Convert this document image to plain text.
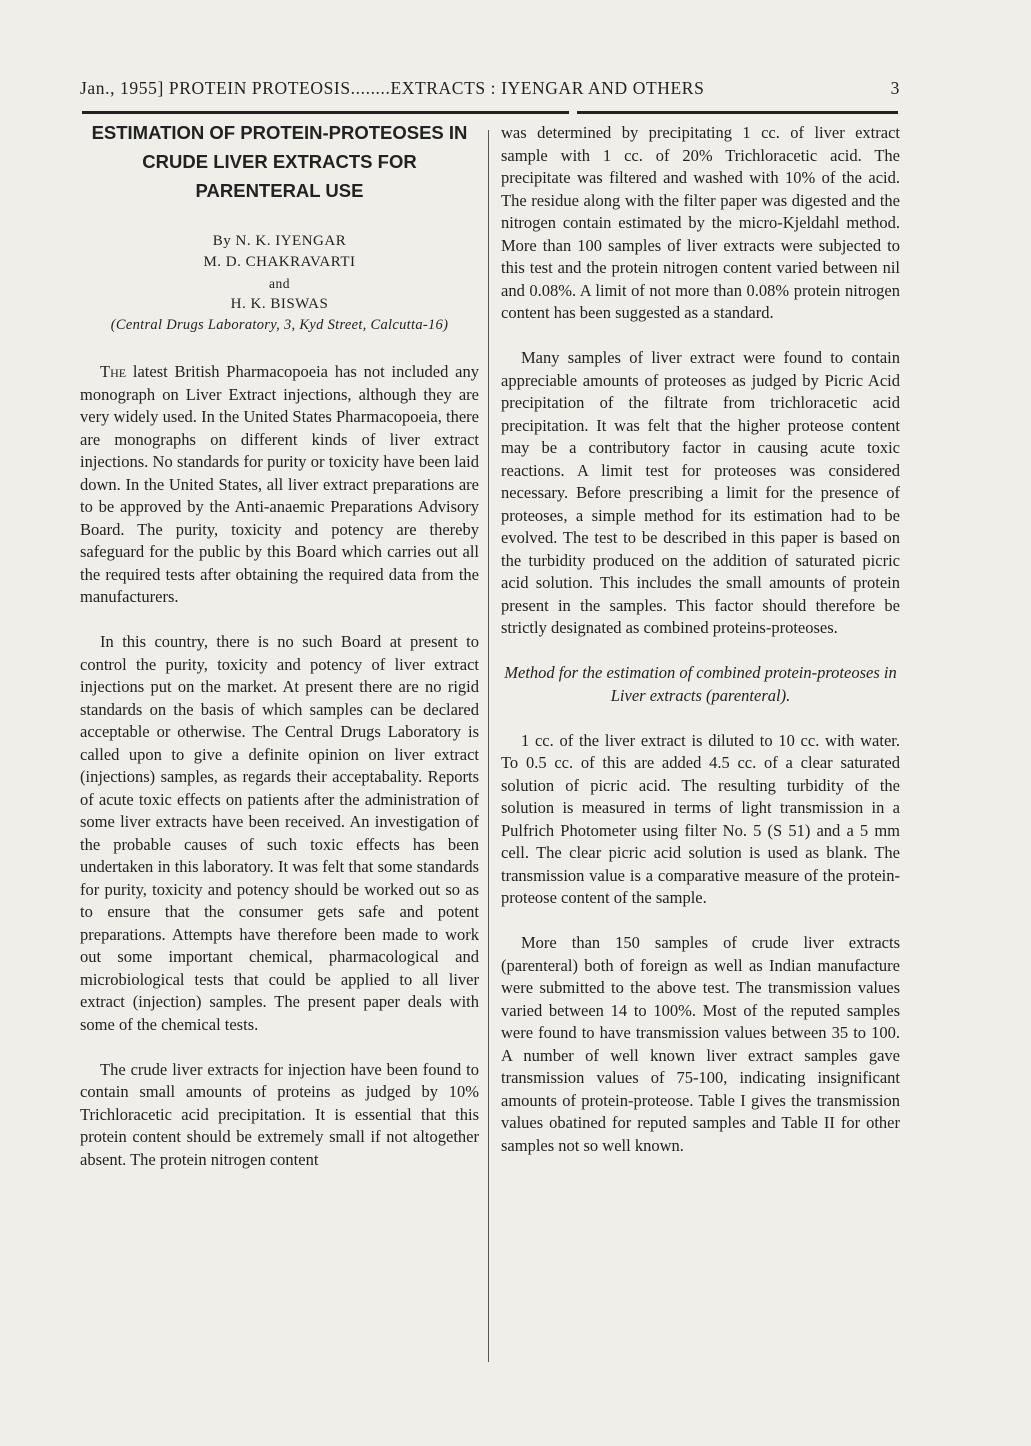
Jan., 1955] PROTEIN PROTEOSIS........EXTRACTS : IYENGAR AND OTHERS	3
ESTIMATION OF PROTEIN-PROTEOSES IN CRUDE LIVER EXTRACTS FOR PARENTERAL USE
By N. K. IYENGAR
M. D. CHAKRAVARTI
and
H. K. BISWAS
(Central Drugs Laboratory, 3, Kyd Street, Calcutta-16)

The latest British Pharmacopoeia has not included any monograph on Liver Extract injections, although they are very widely used. In the United States Pharmacopoeia, there are monographs on different kinds of liver extract injections. No standards for purity or toxicity have been laid down. In the United States, all liver extract preparations are to be approved by the Anti-anaemic Preparations Advisory Board. The purity, toxicity and potency are thereby safeguard for the public by this Board which carries out all the required tests after obtaining the required data from the manufacturers.

In this country, there is no such Board at present to control the purity, toxicity and potency of liver extract injections put on the market. At present there are no rigid standards on the basis of which samples can be declared acceptable or otherwise. The Central Drugs Laboratory is called upon to give a definite opinion on liver extract (injections) samples, as regards their acceptabality. Reports of acute toxic effects on patients after the administration of some liver extracts have been received. An investigation of the probable causes of such toxic effects has been undertaken in this laboratory. It was felt that some standards for purity, toxicity and potency should be worked out so as to ensure that the consumer gets safe and potent preparations. Attempts have therefore been made to work out some important chemical, pharmacological and microbiological tests that could be applied to all liver extract (injection) samples. The present paper deals with some of the chemical tests.

The crude liver extracts for injection have been found to contain small amounts of proteins as judged by 10% Trichloracetic acid precipitation. It is essential that this protein content should be extremely small if not altogether absent. The protein nitrogen content

was determined by precipitating 1 cc. of liver extract sample with 1 cc. of 20% Trichloracetic acid. The precipitate was filtered and washed with 10% of the acid. The residue along with the filter paper was digested and the nitrogen contain estimated by the micro-Kjeldahl method. More than 100 samples of liver extracts were subjected to this test and the protein nitrogen content varied between nil and 0.08%. A limit of not more than 0.08% protein nitrogen content has been suggested as a standard.

Many samples of liver extract were found to contain appreciable amounts of proteoses as judged by Picric Acid precipitation of the filtrate from trichloracetic acid precipitation. It was felt that the higher proteose content may be a contributory factor in causing acute toxic reactions. A limit test for proteoses was considered necessary. Before prescribing a limit for the presence of proteoses, a simple method for its estimation had to be evolved. The test to be described in this paper is based on the turbidity produced on the addition of saturated picric acid solution. This includes the small amounts of protein present in the samples. This factor should therefore be strictly designated as combined proteins-proteoses.

Method for the estimation of combined protein-proteoses in Liver extracts (parenteral).

1 cc. of the liver extract is diluted to 10 cc. with water. To 0.5 cc. of this are added 4.5 cc. of a clear saturated solution of picric acid. The resulting turbidity of the solution is measured in terms of light transmission in a Pulfrich Photometer using filter No. 5 (S 51) and a 5 mm cell. The clear picric acid solution is used as blank. The transmission value is a comparative measure of the protein-proteose content of the sample.

More than 150 samples of crude liver extracts (parenteral) both of foreign as well as Indian manufacture were submitted to the above test. The transmission values varied between 14 to 100%. Most of the reputed samples were found to have transmission values between 35 to 100. A number of well known liver extract samples gave transmission values of 75-100, indicating insignificant amounts of protein-proteose. Table I gives the transmission values obatined for reputed samples and Table II for other samples not so well known.
